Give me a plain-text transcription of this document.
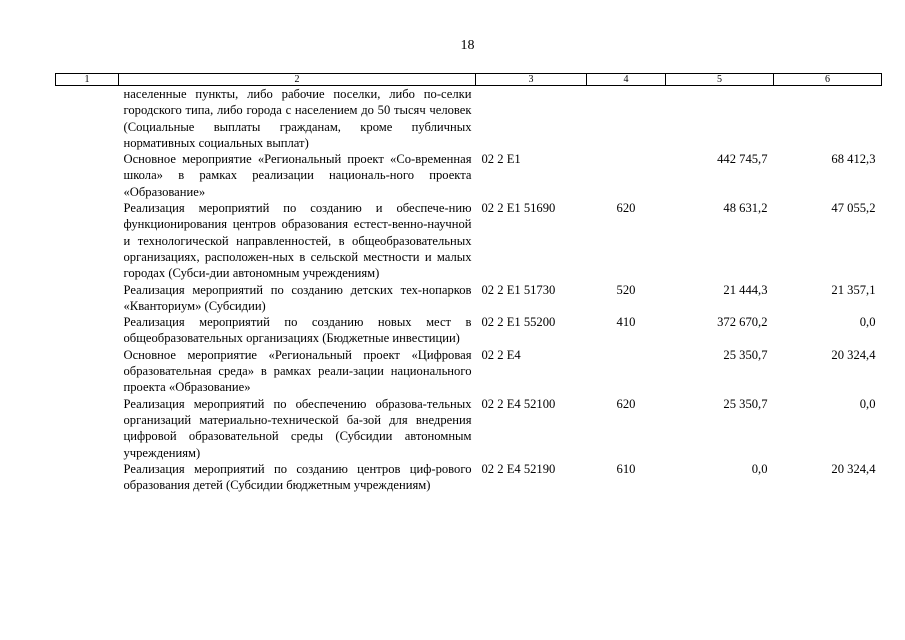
18
1	2	3	4	5	6
	населенные пункты, либо рабочие поселки, либо по-селки городского типа, либо города с населением до 50 тысяч человек (Социальные выплаты гражданам, кроме публичных нормативных социальных выплат)				
	Основное мероприятие «Региональный проект «Со-временная школа» в рамках реализации националь-ного проекта «Образование»	02 2 Е1		442 745,7	68 412,3
	Реализация мероприятий по созданию и обеспече-нию функционирования центров образования естест-венно-научной и технологической направленностей, в общеобразовательных организациях, расположен-ных в сельской местности и малых городах (Субси-дии автономным учреждениям)	02 2 Е1 51690	620	48 631,2	47 055,2
	Реализация мероприятий по созданию детских тех-нопарков «Кванториум» (Субсидии)	02 2 Е1 51730	520	21 444,3	21 357,1
	Реализация мероприятий по созданию новых мест в общеобразовательных организациях (Бюджетные инвестиции)	02 2 Е1 55200	410	372 670,2	0,0
	Основное мероприятие «Региональный проект «Цифровая образовательная среда» в рамках реали-зации национального проекта «Образование»	02 2 Е4		25 350,7	20 324,4
	Реализация мероприятий по обеспечению образова-тельных организаций материально-технической ба-зой для внедрения цифровой образовательной среды (Субсидии автономным учреждениям)	02 2 Е4 52100	620	25 350,7	0,0
	Реализация мероприятий по созданию центров циф-рового образования детей (Субсидии бюджетным учреждениям)	02 2 Е4 52190	610	0,0	20 324,4
